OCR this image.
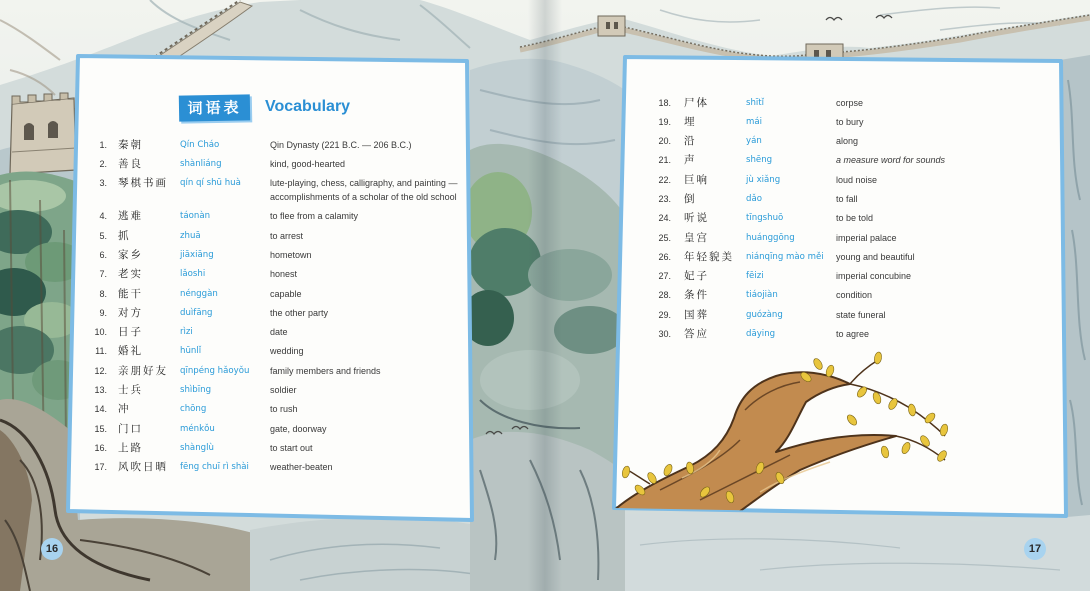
词语表	Vocabulary
1. 秦朝	Qín Cháo	Qin Dynasty (221 B.C. — 206 B.C.)
2. 善良	shànliáng	kind, good-hearted
3. 琴棋书画	qín qí shū huà	lute-playing, chess, calligraphy, and painting — accomplishments of a scholar of the old school
4. 逃难	táonàn	to flee from a calamity
5. 抓	zhuā	to arrest
6. 家乡	jiāxiāng	hometown
7. 老实	lǎoshi	honest
8. 能干	nénggàn	capable
9. 对方	duìfāng	the other party
10. 日子	rìzi	date
11. 婚礼	hūnlǐ	wedding
12. 亲朋好友	qīnpéng hǎoyǒu	family members and friends
13. 士兵	shìbīng	soldier
14. 冲	chōng	to rush
15. 门口	ménkǒu	gate, doorway
16. 上路	shànglù	to start out
17. 风吹日晒	fēng chuī rì shài	weather-beaten
18. 尸体	shītǐ	corpse
19. 埋	mái	to bury
20. 沿	yán	along
21. 声	shēng	a measure word for sounds
22. 巨响	jù xiǎng	loud noise
23. 倒	dǎo	to fall
24. 听说	tīngshuō	to be told
25. 皇宫	huánggōng	imperial palace
26. 年轻貌美	niánqīng mào měi	young and beautiful
27. 妃子	fēizi	imperial concubine
28. 条件	tiáojiàn	condition
29. 国葬	guózàng	state funeral
30. 答应	dāying	to agree
16	17
